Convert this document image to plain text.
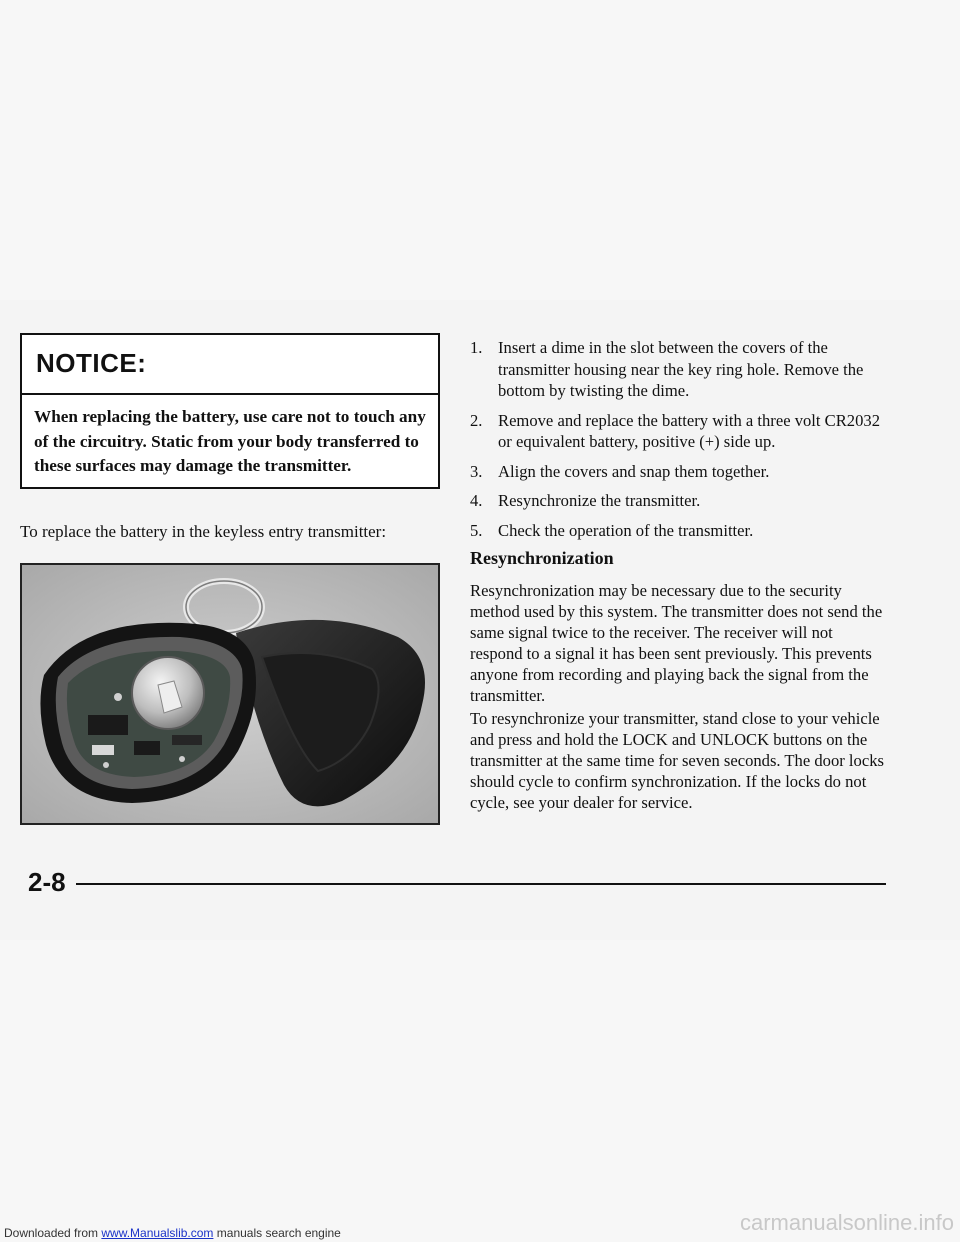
NOTICE:
When replacing the battery, use care not to touch any of the circuitry. Static from your body transferred to these surfaces may damage the transmitter.
To replace the battery in the keyless entry transmitter:
1. Insert a dime in the slot between the covers of the transmitter housing near the key ring hole. Remove the bottom by twisting the dime.
2. Remove and replace the battery with a three volt CR2032 or equivalent battery, positive (+) side up.
3. Align the covers and snap them together.
4. Resynchronize the transmitter.
5. Check the operation of the transmitter.
Resynchronization

Resynchronization may be necessary due to the security method used by this system. The transmitter does not send the same signal twice to the receiver. The receiver will not respond to a signal it has been sent previously. This prevents anyone from recording and playing back the signal from the transmitter.

To resynchronize your transmitter, stand close to your vehicle and press and hold the LOCK and UNLOCK buttons on the transmitter at the same time for seven seconds. The door locks should cycle to confirm synchronization. If the locks do not cycle, see your dealer for service.

2-8
Downloaded from www.Manualslib.com manuals search engine	carmanualsonline.info
